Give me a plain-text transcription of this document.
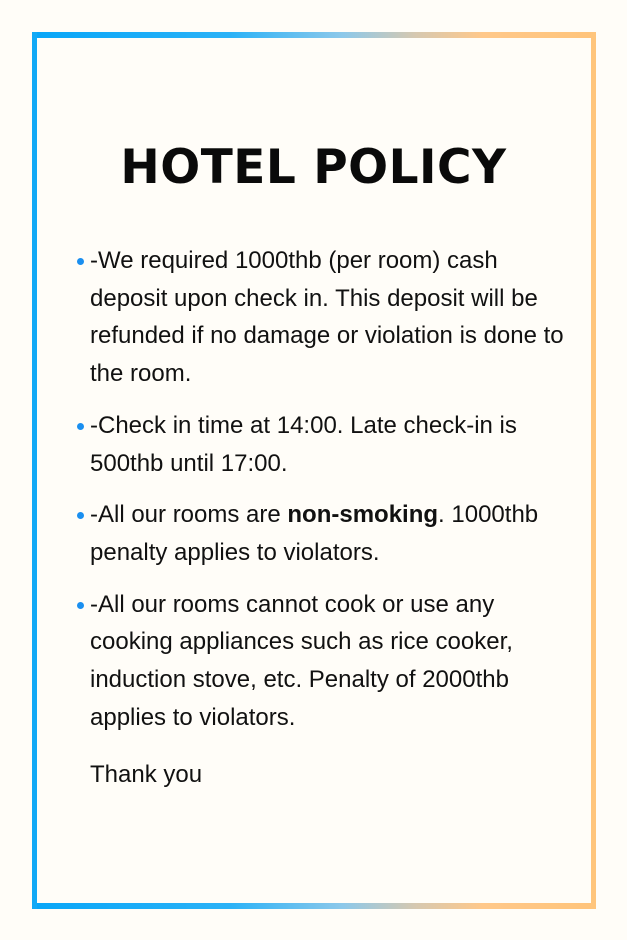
HOTEL POLICY
-We required 1000thb (per room) cash deposit upon check in. This deposit will be refunded if no damage or violation is done to the room.
-Check in time at 14:00. Late check-in is 500thb until 17:00.
-All our rooms are non-smoking. 1000thb penalty applies to violators.
-All our rooms cannot cook or use any cooking appliances such as rice cooker, induction stove, etc. Penalty of 2000thb applies to violators.

Thank you
